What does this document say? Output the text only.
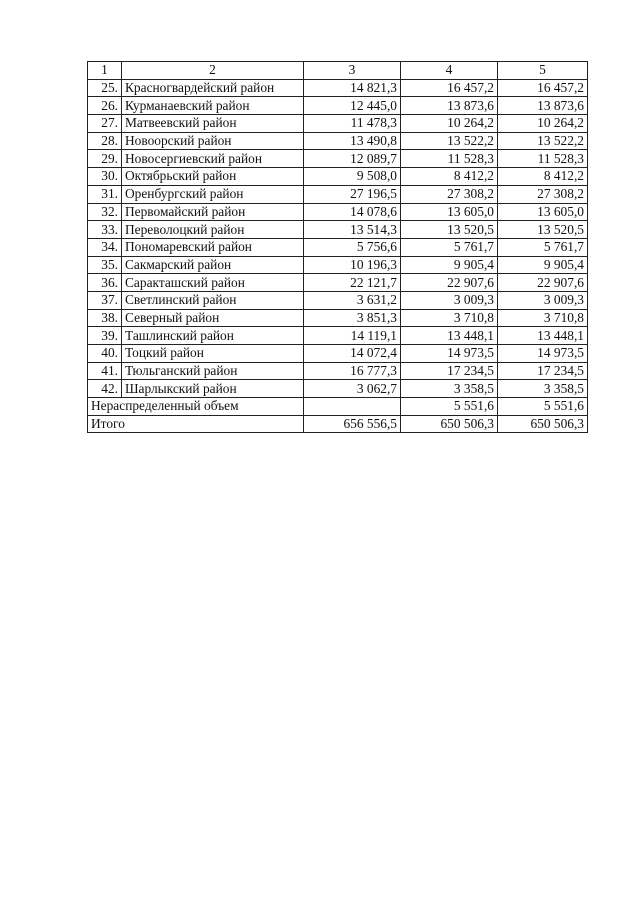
1	2	3	4	5
25.	Красногвардейский район	14 821,3	16 457,2	16 457,2
26.	Курманаевский район	12 445,0	13 873,6	13 873,6
27.	Матвеевский район	11 478,3	10 264,2	10 264,2
28.	Новоорский район	13 490,8	13 522,2	13 522,2
29.	Новосергиевский район	12 089,7	11 528,3	11 528,3
30.	Октябрьский район	9 508,0	8 412,2	8 412,2
31.	Оренбургский район	27 196,5	27 308,2	27 308,2
32.	Первомайский район	14 078,6	13 605,0	13 605,0
33.	Переволоцкий район	13 514,3	13 520,5	13 520,5
34.	Пономаревский район	5 756,6	5 761,7	5 761,7
35.	Сакмарский район	10 196,3	9 905,4	9 905,4
36.	Саракташский район	22 121,7	22 907,6	22 907,6
37.	Светлинский район	3 631,2	3 009,3	3 009,3
38.	Северный район	3 851,3	3 710,8	3 710,8
39.	Ташлинский район	14 119,1	13 448,1	13 448,1
40.	Тоцкий район	14 072,4	14 973,5	14 973,5
41.	Тюльганский район	16 777,3	17 234,5	17 234,5
42.	Шарлыкский район	3 062,7	3 358,5	3 358,5
Нераспределенный объем			5 551,6	5 551,6
Итого		656 556,5	650 506,3	650 506,3
